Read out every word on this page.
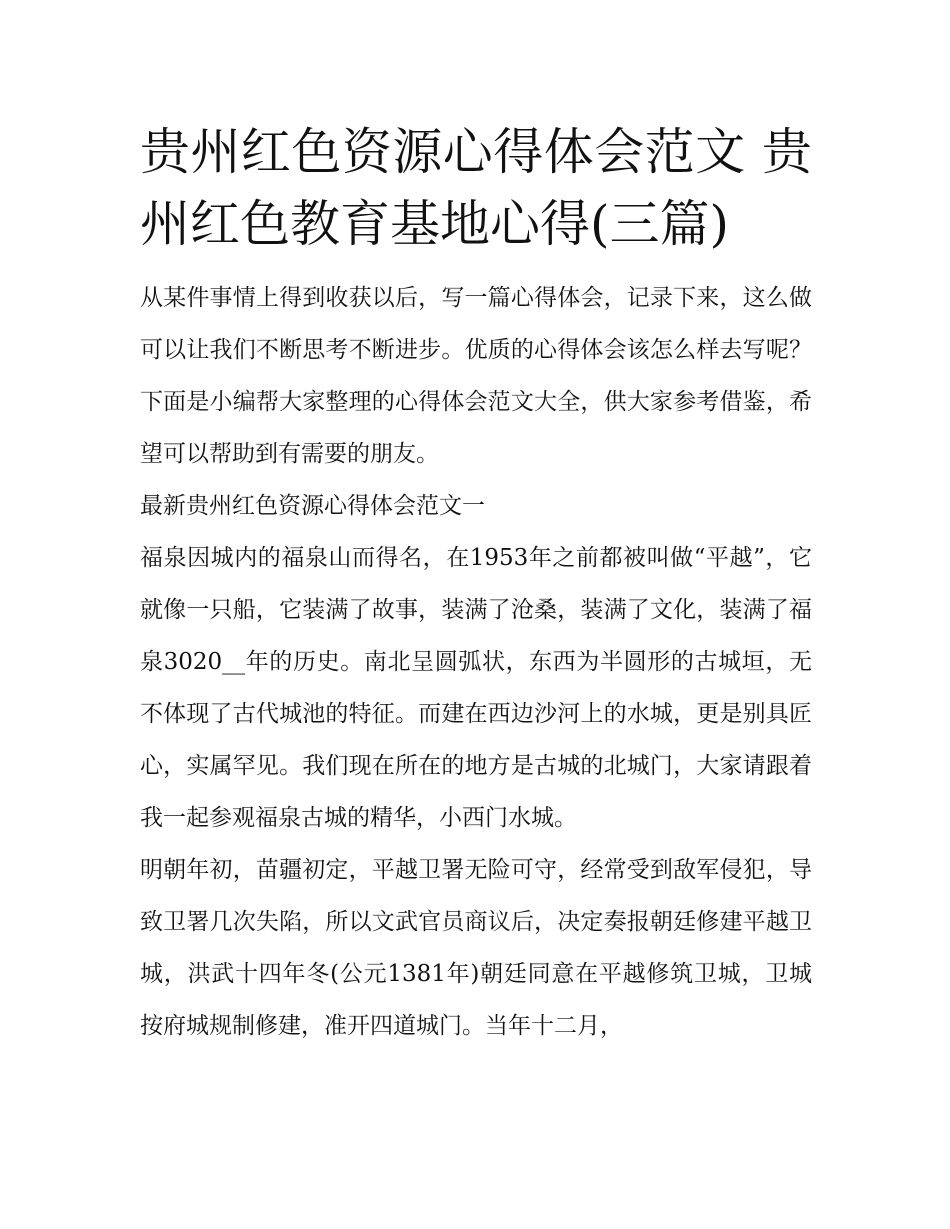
贵州红色资源心得体会范文 贵州红色教育基地心得(三篇)

从某件事情上得到收获以后，写一篇心得体会，记录下来，这么做可以让我们不断思考不断进步。优质的心得体会该怎么样去写呢？下面是小编帮大家整理的心得体会范文大全，供大家参考借鉴，希望可以帮助到有需要的朋友。

最新贵州红色资源心得体会范文一

福泉因城内的福泉山而得名，在1953年之前都被叫做“平越”，它就像一只船，它装满了故事，装满了沧桑，装满了文化，装满了福泉3020__年的历史。南北呈圆弧状，东西为半圆形的古城垣，无不体现了古代城池的特征。而建在西边沙河上的水城，更是别具匠心，实属罕见。我们现在所在的地方是古城的北城门，大家请跟着我一起参观福泉古城的精华，小西门水城。

明朝年初，苗疆初定，平越卫署无险可守，经常受到敌军侵犯，导致卫署几次失陷，所以文武官员商议后，决定奏报朝廷修建平越卫城，洪武十四年冬(公元1381年)朝廷同意在平越修筑卫城，卫城按府城规制修建，准开四道城门。当年十二月，
